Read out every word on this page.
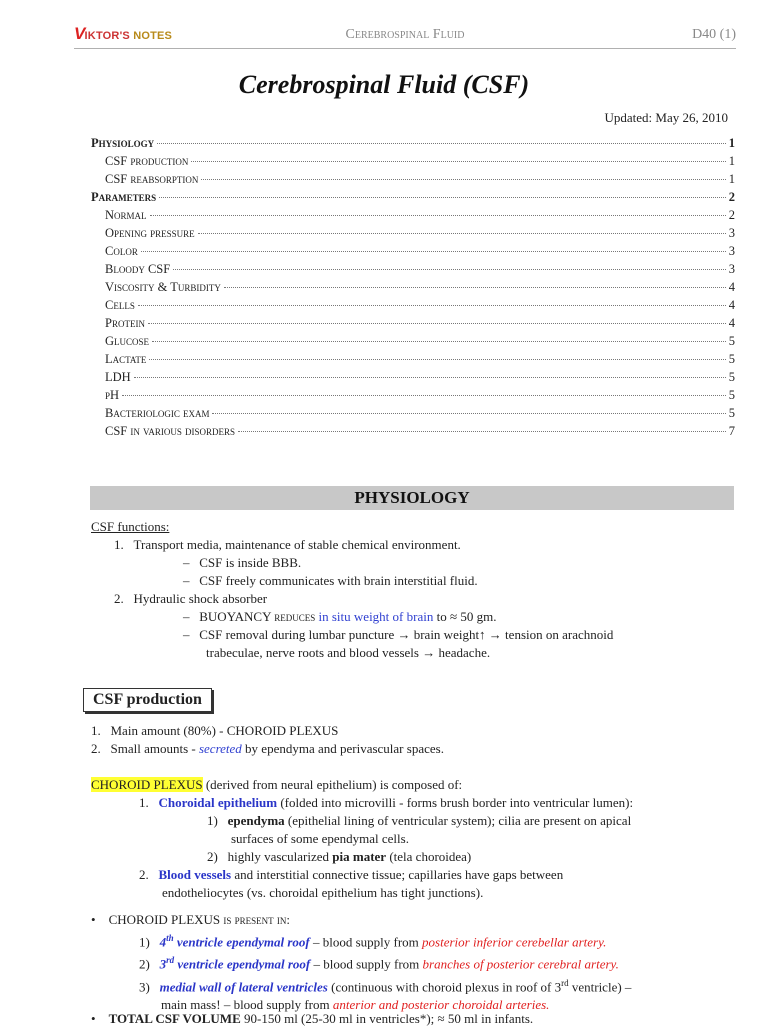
VIKTOR'S NOTES	Cerebrospinal Fluid	D40 (1)
Cerebrospinal Fluid (CSF)
Updated: May 26, 2010
Physiology	1
CSF production	1
CSF reabsorption	1
Parameters	2
Normal	2
Opening pressure	3
Color	3
Bloody CSF	3
Viscosity & Turbidity	4
Cells	4
Protein	4
Glucose	5
Lactate	5
LDH	5
pH	5
Bacteriologic exam	5
CSF in various disorders	7
PHYSIOLOGY
CSF functions:
1. Transport media, maintenance of stable chemical environment.
– CSF is inside BBB.
– CSF freely communicates with brain interstitial fluid.
2. Hydraulic shock absorber
– BUOYANCY reduces in situ weight of brain to ≈ 50 gm.
– CSF removal during lumbar puncture → brain weight↑ → tension on arachnoid
trabeculae, nerve roots and blood vessels → headache.
CSF production
1. Main amount (80%) - CHOROID PLEXUS
2. Small amounts - secreted by ependyma and perivascular spaces.
CHOROID PLEXUS (derived from neural epithelium) is composed of:
1. Choroidal epithelium (folded into microvilli - forms brush border into ventricular lumen):
1) ependyma (epithelial lining of ventricular system); cilia are present on apical
surfaces of some ependymal cells.
2) highly vascularized pia mater (tela choroidea)
2. Blood vessels and interstitial connective tissue; capillaries have gaps between
endotheliocytes (vs. choroidal epithelium has tight junctions).
• CHOROID PLEXUS is present in:
1) 4th ventricle ependymal roof – blood supply from posterior inferior cerebellar artery.
2) 3rd ventricle ependymal roof – blood supply from branches of posterior cerebral artery.
3) medial wall of lateral ventricles (continuous with choroid plexus in roof of 3rd ventricle) –
main mass! – blood supply from anterior and posterior choroidal arteries.
• TOTAL CSF VOLUME 90-150 ml (25-30 ml in ventricles*); ≈ 50 ml in infants.
